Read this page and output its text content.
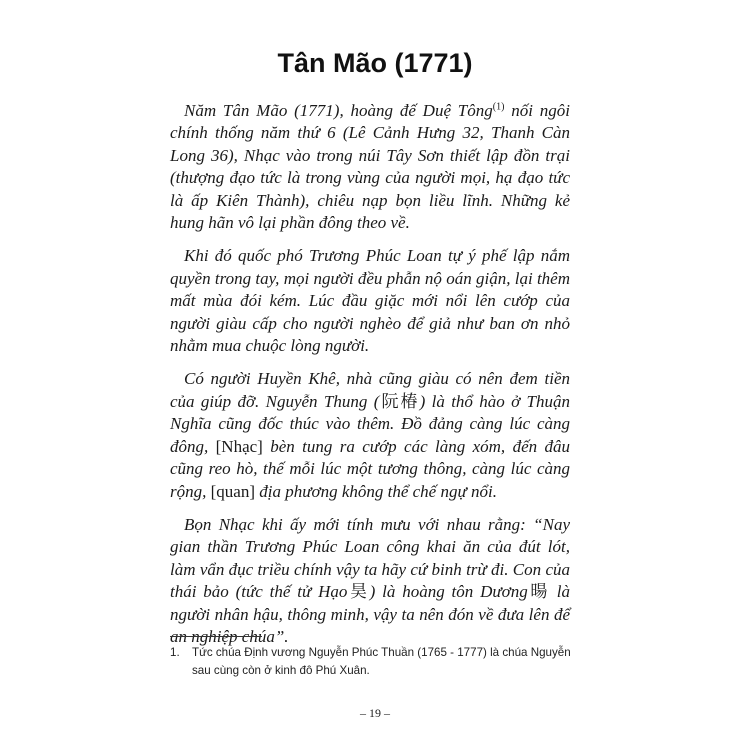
Tân Mão (1771)

Năm Tân Mão (1771), hoàng đế Duệ Tông$^{(1)}$ nối ngôi chính thống năm thứ 6 (Lê Cảnh Hưng 32, Thanh Càn Long 36), Nhạc vào trong núi Tây Sơn thiết lập đồn trại (thượng đạo tức là trong vùng của người mọi, hạ đạo tức là ấp Kiên Thành), chiêu nạp bọn liều lĩnh. Những kẻ hung hãn vô lại phần đông theo về.

Khi đó quốc phó Trương Phúc Loan tự ý phế lập nắm quyền trong tay, mọi người đều phẫn nộ oán giận, lại thêm mất mùa đói kém. Lúc đầu giặc mới nổi lên cướp của người giàu cấp cho người nghèo để giả như ban ơn nhỏ nhằm mua chuộc lòng người.

Có người Huyền Khê, nhà cũng giàu có nên đem tiền của giúp đỡ. Nguyễn Thung (阮椿) là thổ hào ở Thuận Nghĩa cũng đốc thúc vào thêm. Đồ đảng càng lúc càng đông, [Nhạc] bèn tung ra cướp các làng xóm, đến đâu cũng reo hò, thế mỗi lúc một tương thông, càng lúc càng rộng, [quan] địa phương không thể chế ngự nổi.

Bọn Nhạc khi ấy mới tính mưu với nhau rằng: “Nay gian thần Trương Phúc Loan công khai ăn của đút lót, làm vẩn đục triều chính vậy ta hãy cứ binh trừ đi. Con của thái bảo (tức thế tử Hạo昊) là hoàng tôn Dương暘 là người nhân hậu, thông minh, vậy ta nên đón về đưa lên để an nghiệp chúa”.

1.	Tức chúa Định vương Nguyễn Phúc Thuần (1765 - 1777) là chúa Nguyễn sau cùng còn ở kinh đô Phú Xuân.
– 19 –
